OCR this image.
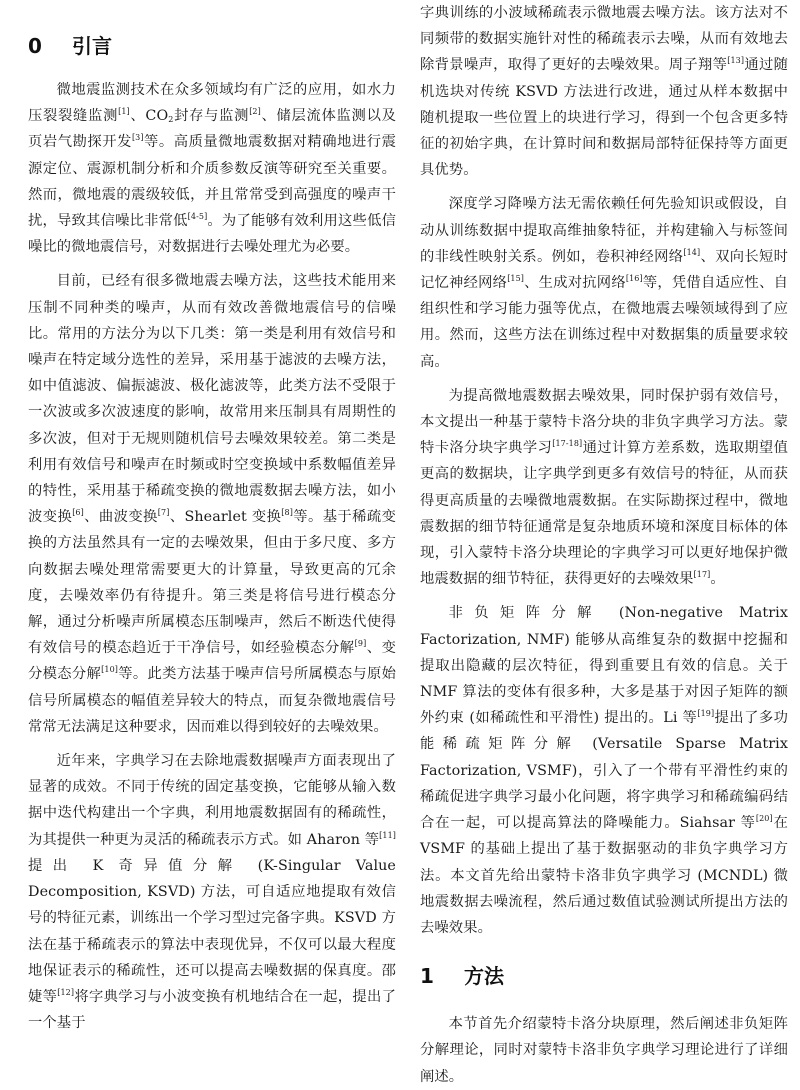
0 引言

微地震监测技术在众多领域均有广泛的应用，如水力压裂裂缝监测[1]、$CO_2$封存与监测[2]、储层流体监测以及页岩气勘探开发[3]等。高质量微地震数据对精确地进行震源定位、震源机制分析和介质参数反演等研究至关重要。然而，微地震的震级较低，并且常常受到高强度的噪声干扰，导致其信噪比非常低[4-5]。为了能够有效利用这些低信噪比的微地震信号，对数据进行去噪处理尤为必要。

目前，已经有很多微地震去噪方法，这些技术能用来压制不同种类的噪声，从而有效改善微地震信号的信噪比。常用的方法分为以下几类：第一类是利用有效信号和噪声在特定域分选性的差异，采用基于滤波的去噪方法，如中值滤波、偏振滤波、极化滤波等，此类方法不受限于一次波或多次波速度的影响，故常用来压制具有周期性的多次波，但对于无规则随机信号去噪效果较差。第二类是利用有效信号和噪声在时频或时空变换域中系数幅值差异的特性，采用基于稀疏变换的微地震数据去噪方法，如小波变换[6]、曲波变换[7]、Shearlet 变换[8]等。基于稀疏变换的方法虽然具有一定的去噪效果，但由于多尺度、多方向数据去噪处理常需要更大的计算量，导致更高的冗余度，去噪效率仍有待提升。第三类是将信号进行模态分解，通过分析噪声所属模态压制噪声，然后不断迭代使得有效信号的模态趋近于干净信号，如经验模态分解[9]、变分模态分解[10]等。此类方法基于噪声信号所属模态与原始信号所属模态的幅值差异较大的特点，而复杂微地震信号常常无法满足这种要求，因而难以得到较好的去噪效果。

近年来，字典学习在去除地震数据噪声方面表现出了显著的成效。不同于传统的固定基变换，它能够从输入数据中迭代构建出一个字典，利用地震数据固有的稀疏性，为其提供一种更为灵活的稀疏表示方式。如 Aharon 等[11]提出 K 奇异值分解 (K-Singular Value Decomposition, KSVD) 方法，可自适应地提取有效信号的特征元素，训练出一个学习型过完备字典。KSVD 方法在基于稀疏表示的算法中表现优异，不仅可以最大程度地保证表示的稀疏性，还可以提高去噪数据的保真度。邵婕等[12]将字典学习与小波变换有机地结合在一起，提出了一个基于

字典训练的小波域稀疏表示微地震去噪方法。该方法对不同频带的数据实施针对性的稀疏表示去噪，从而有效地去除背景噪声，取得了更好的去噪效果。周子翔等[13]通过随机选块对传统 KSVD 方法进行改进，通过从样本数据中随机提取一些位置上的块进行学习，得到一个包含更多特征的初始字典，在计算时间和数据局部特征保持等方面更具优势。

深度学习降噪方法无需依赖任何先验知识或假设，自动从训练数据中提取高维抽象特征，并构建输入与标签间的非线性映射关系。例如，卷积神经网络[14]、双向长短时记忆神经网络[15]、生成对抗网络[16]等，凭借自适应性、自组织性和学习能力强等优点，在微地震去噪领域得到了应用。然而，这些方法在训练过程中对数据集的质量要求较高。

为提高微地震数据去噪效果，同时保护弱有效信号，本文提出一种基于蒙特卡洛分块的非负字典学习方法。蒙特卡洛分块字典学习[17-18]通过计算方差系数，选取期望值更高的数据块，让字典学到更多有效信号的特征，从而获得更高质量的去噪微地震数据。在实际勘探过程中，微地震数据的细节特征通常是复杂地质环境和深度目标体的体现，引入蒙特卡洛分块理论的字典学习可以更好地保护微地震数据的细节特征，获得更好的去噪效果[17]。

非负矩阵分解 (Non-negative Matrix Factorization, NMF) 能够从高维复杂的数据中挖掘和提取出隐藏的层次特征，得到重要且有效的信息。关于 NMF 算法的变体有很多种，大多是基于对因子矩阵的额外约束 (如稀疏性和平滑性) 提出的。Li 等[19]提出了多功能稀疏矩阵分解 (Versatile Sparse Matrix Factorization, VSMF)，引入了一个带有平滑性约束的稀疏促进字典学习最小化问题，将字典学习和稀疏编码结合在一起，可以提高算法的降噪能力。Siahsar 等[20]在 VSMF 的基础上提出了基于数据驱动的非负字典学习方法。本文首先给出蒙特卡洛非负字典学习 (MCNDL) 微地震数据去噪流程，然后通过数值试验测试所提出方法的去噪效果。

1 方法

本节首先介绍蒙特卡洛分块原理，然后阐述非负矩阵分解理论，同时对蒙特卡洛非负字典学习理论进行了详细阐述。
